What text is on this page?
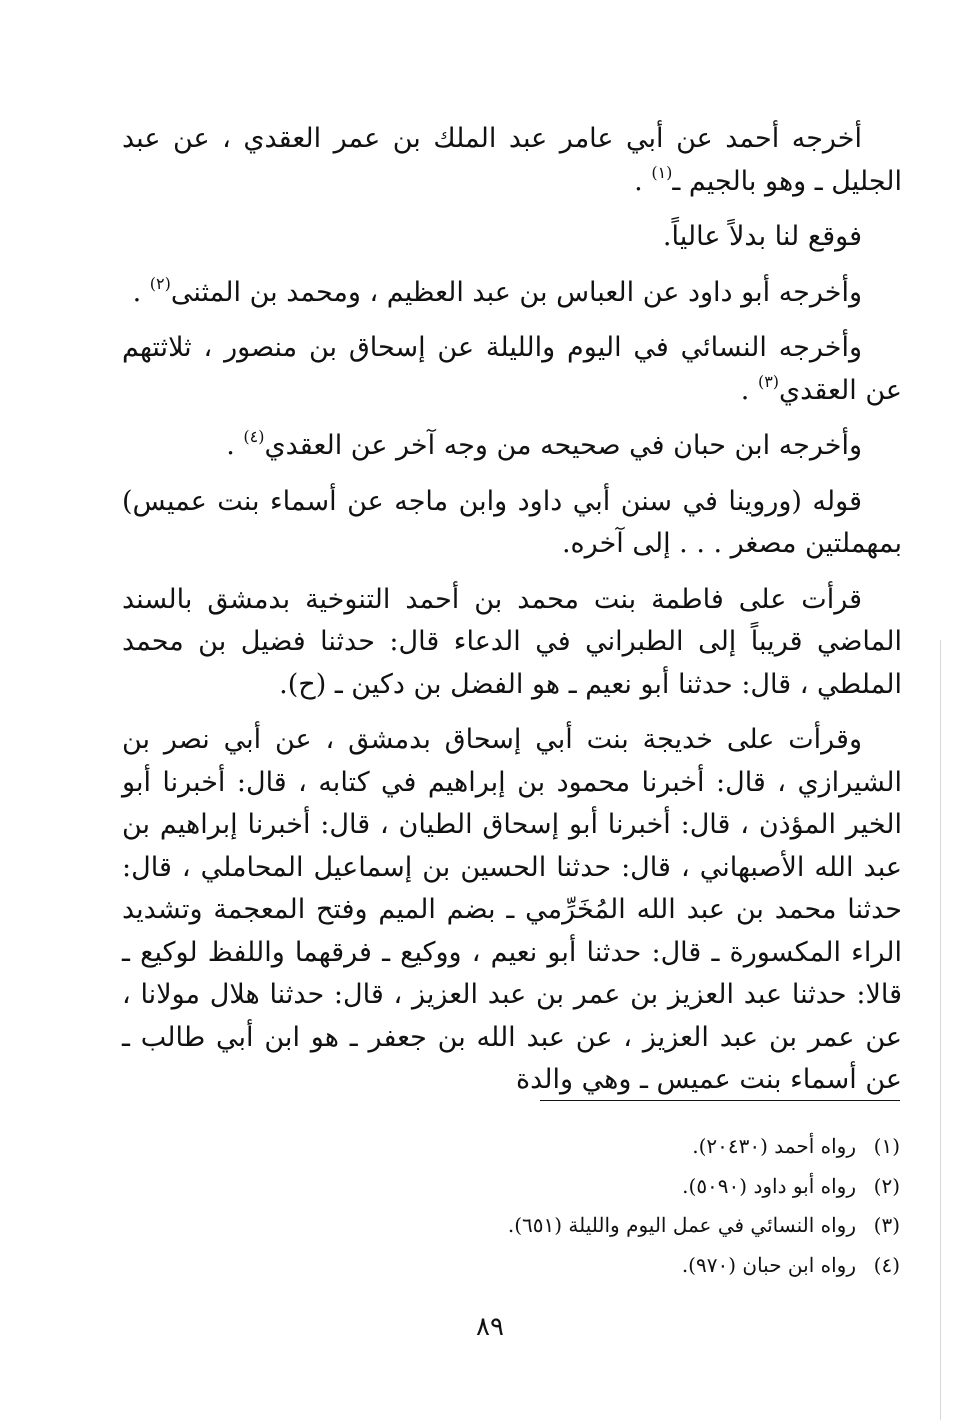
أخرجه أحمد عن أبي عامر عبد الملك بن عمر العقدي ، عن عبد الجليل ـ وهو بالجيم ـ$^{(١)}$ .

فوقع لنا بدلاً عالياً.

وأخرجه أبو داود عن العباس بن عبد العظيم ، ومحمد بن المثنى$^{(٢)}$ .

وأخرجه النسائي في اليوم والليلة عن إسحاق بن منصور ، ثلاثتهم عن العقدي$^{(٣)}$ .

وأخرجه ابن حبان في صحيحه من وجه آخر عن العقدي$^{(٤)}$ .

قوله (وروينا في سنن أبي داود وابن ماجه عن أسماء بنت عميس) بمهملتين مصغر . . . إلى آخره.

قرأت على فاطمة بنت محمد بن أحمد التنوخية بدمشق بالسند الماضي قريباً إلى الطبراني في الدعاء قال: حدثنا فضيل بن محمد الملطي ، قال: حدثنا أبو نعيم ـ هو الفضل بن دكين ـ (ح).

وقرأت على خديجة بنت أبي إسحاق بدمشق ، عن أبي نصر بن الشيرازي ، قال: أخبرنا محمود بن إبراهيم في كتابه ، قال: أخبرنا أبو الخير المؤذن ، قال: أخبرنا أبو إسحاق الطيان ، قال: أخبرنا إبراهيم بن عبد الله الأصبهاني ، قال: حدثنا الحسين بن إسماعيل المحاملي ، قال: حدثنا محمد بن عبد الله المُخَرِّمي ـ بضم الميم وفتح المعجمة وتشديد الراء المكسورة ـ قال: حدثنا أبو نعيم ، ووكيع ـ فرقهما واللفظ لوكيع ـ قالا: حدثنا عبد العزيز بن عمر بن عبد العزيز ، قال: حدثنا هلال مولانا ، عن عمر بن عبد العزيز ، عن عبد الله بن جعفر ـ هو ابن أبي طالب ـ عن أسماء بنت عميس ـ وهي والدة

(١)رواه أحمد (٢٠٤٣٠).
(٢)رواه أبو داود (٥٠٩٠).
(٣)رواه النسائي في عمل اليوم والليلة (٦٥١).
(٤)رواه ابن حبان (٩٧٠).
٨٩
